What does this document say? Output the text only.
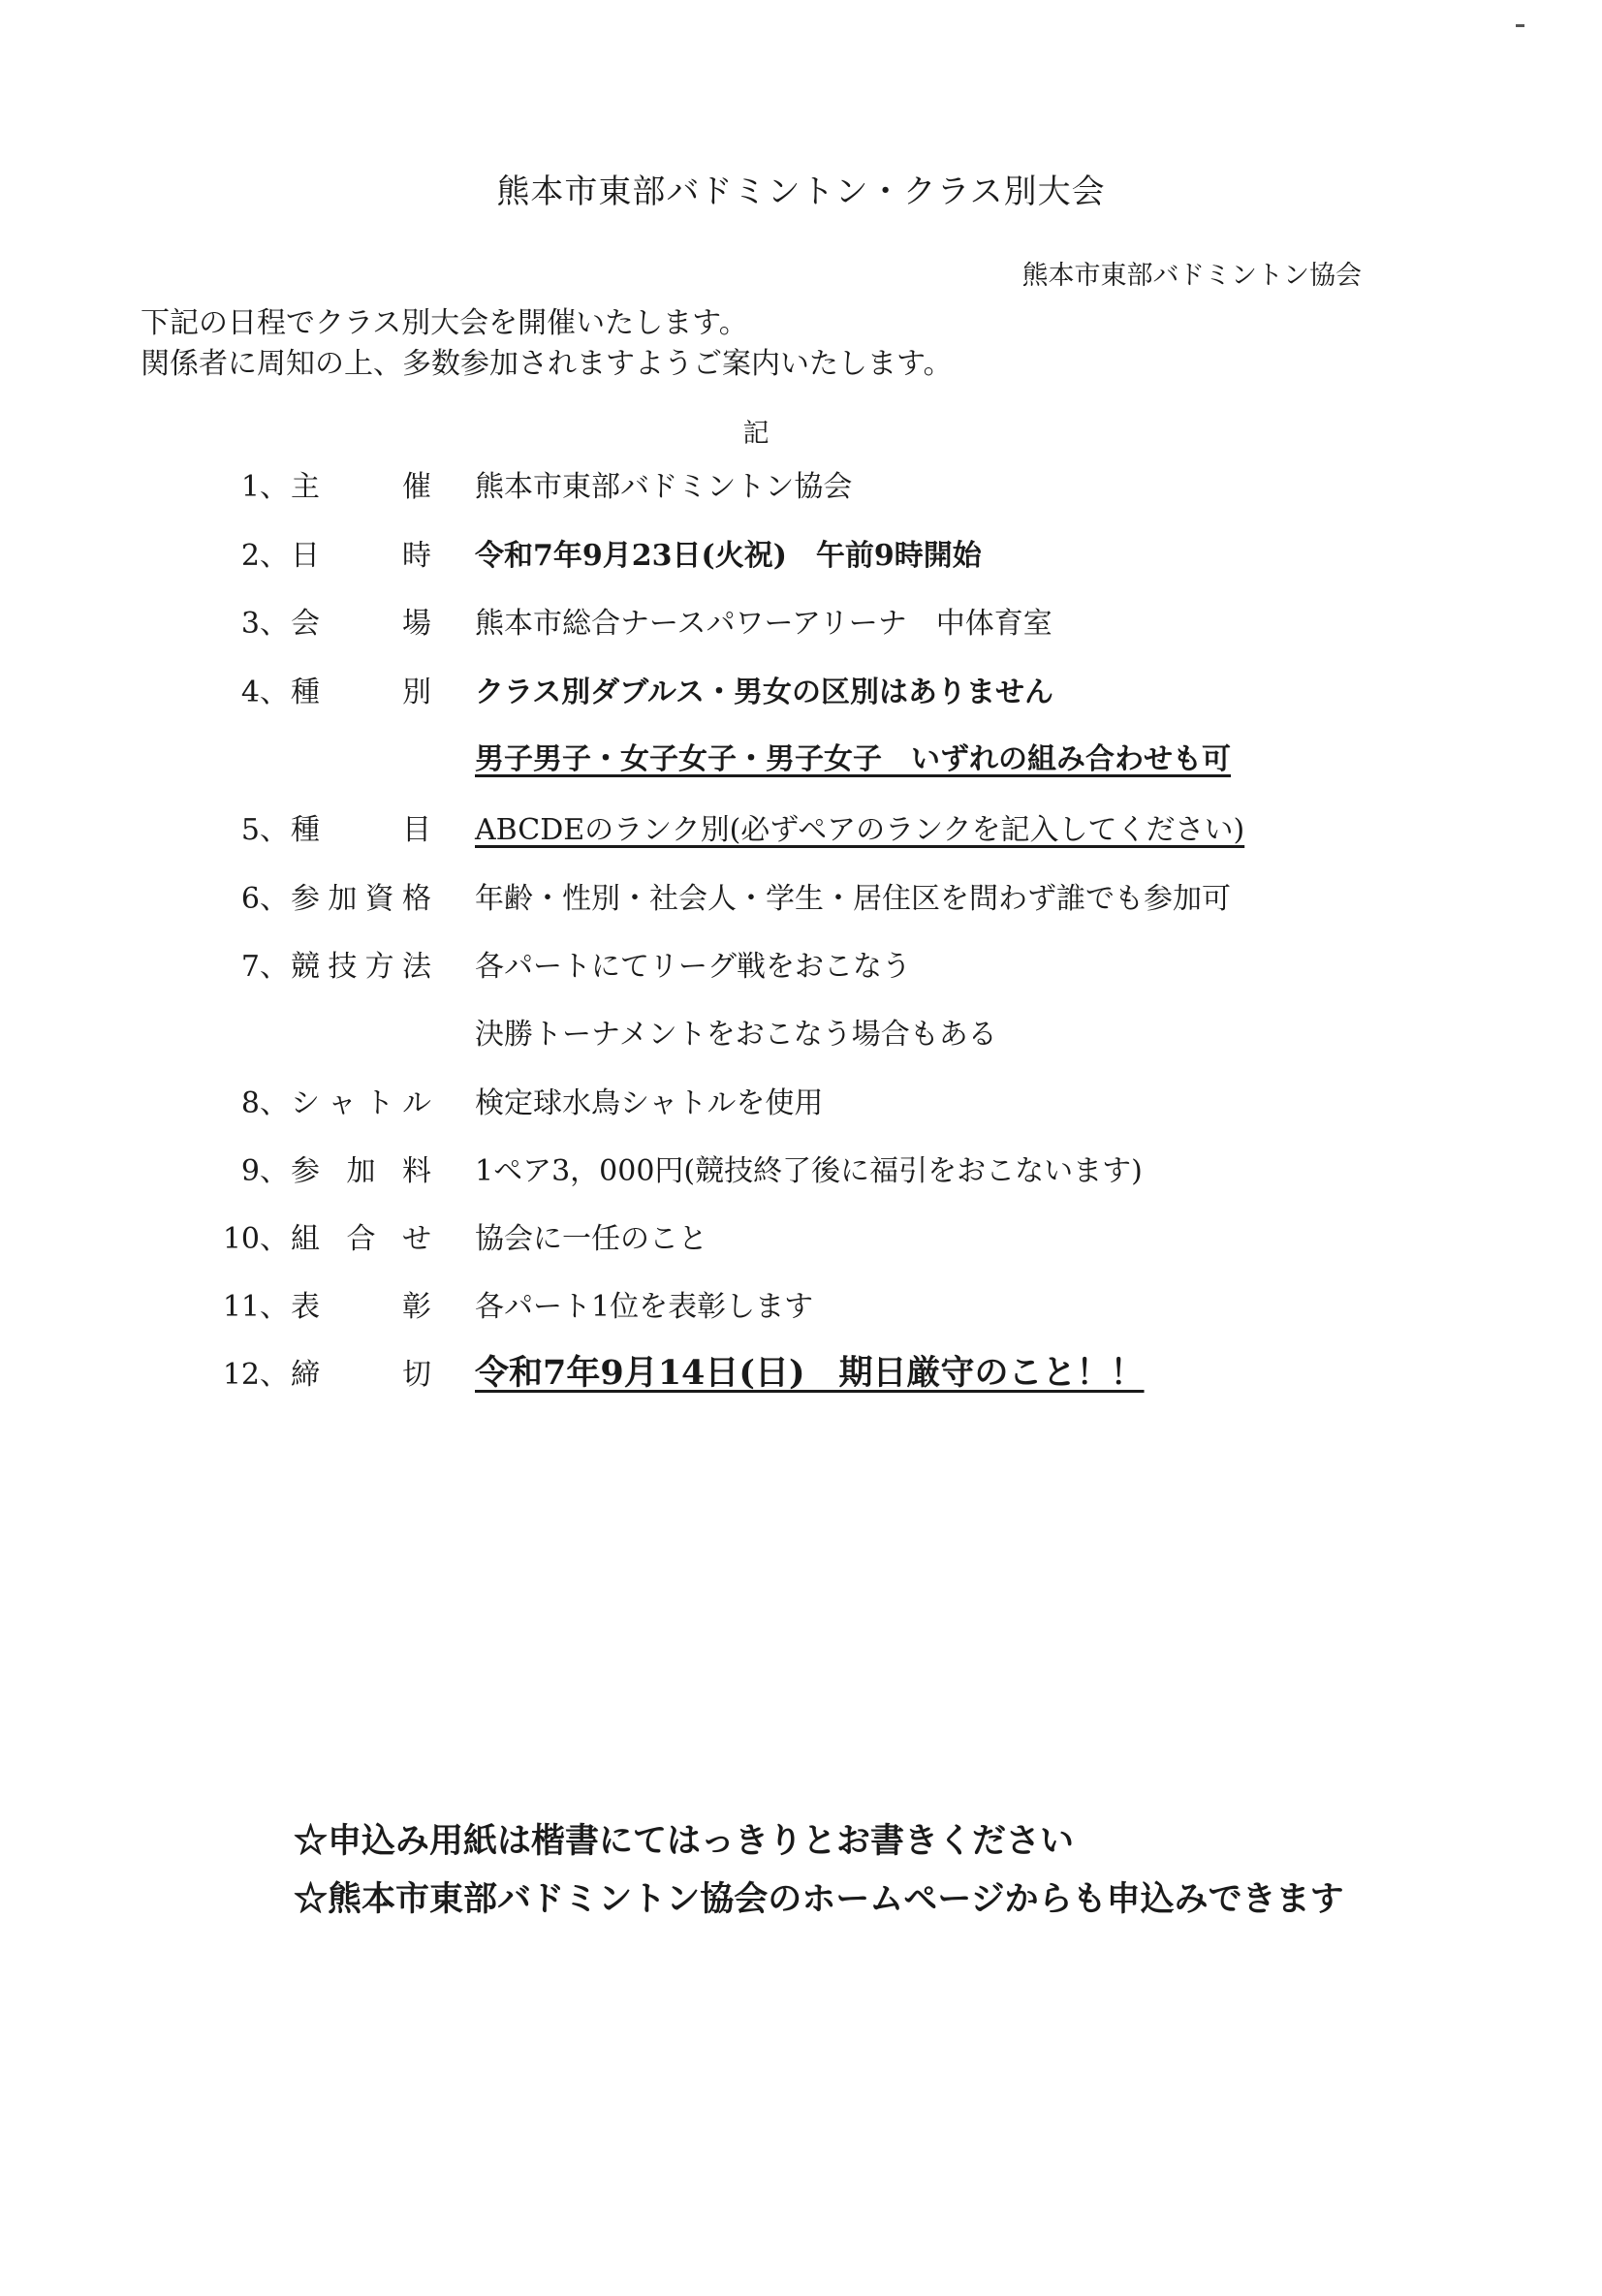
熊本市東部バドミントン・クラス別大会
熊本市東部バドミントン協会
下記の日程でクラス別大会を開催いたします。
関係者に周知の上、多数参加されますようご案内いたします。
記
1、 主催 熊本市東部バドミントン協会
2、 日時 令和7年9月23日(火祝)　午前9時開始
3、 会場 熊本市総合ナースパワーアリーナ　中体育室
4、 種別 クラス別ダブルス・男女の区別はありません
男子男子・女子女子・男子女子　いずれの組み合わせも可
5、 種目 ABCDEのランク別(必ずペアのランクを記入してください)
6、 参加資格 年齢・性別・社会人・学生・居住区を問わず誰でも参加可
7、 競技方法 各パートにてリーグ戦をおこなう
決勝トーナメントをおこなう場合もある
8、 シャトル 検定球水鳥シャトルを使用
9、 参加料 1ペア3，000円(競技終了後に福引をおこないます)
10、 組合せ 協会に一任のこと
11、 表彰 各パート1位を表彰します
12、 締切 令和7年9月14日(日)　期日厳守のこと！！
☆申込み用紙は楷書にてはっきりとお書きください
☆熊本市東部バドミントン協会のホームページからも申込みできます
